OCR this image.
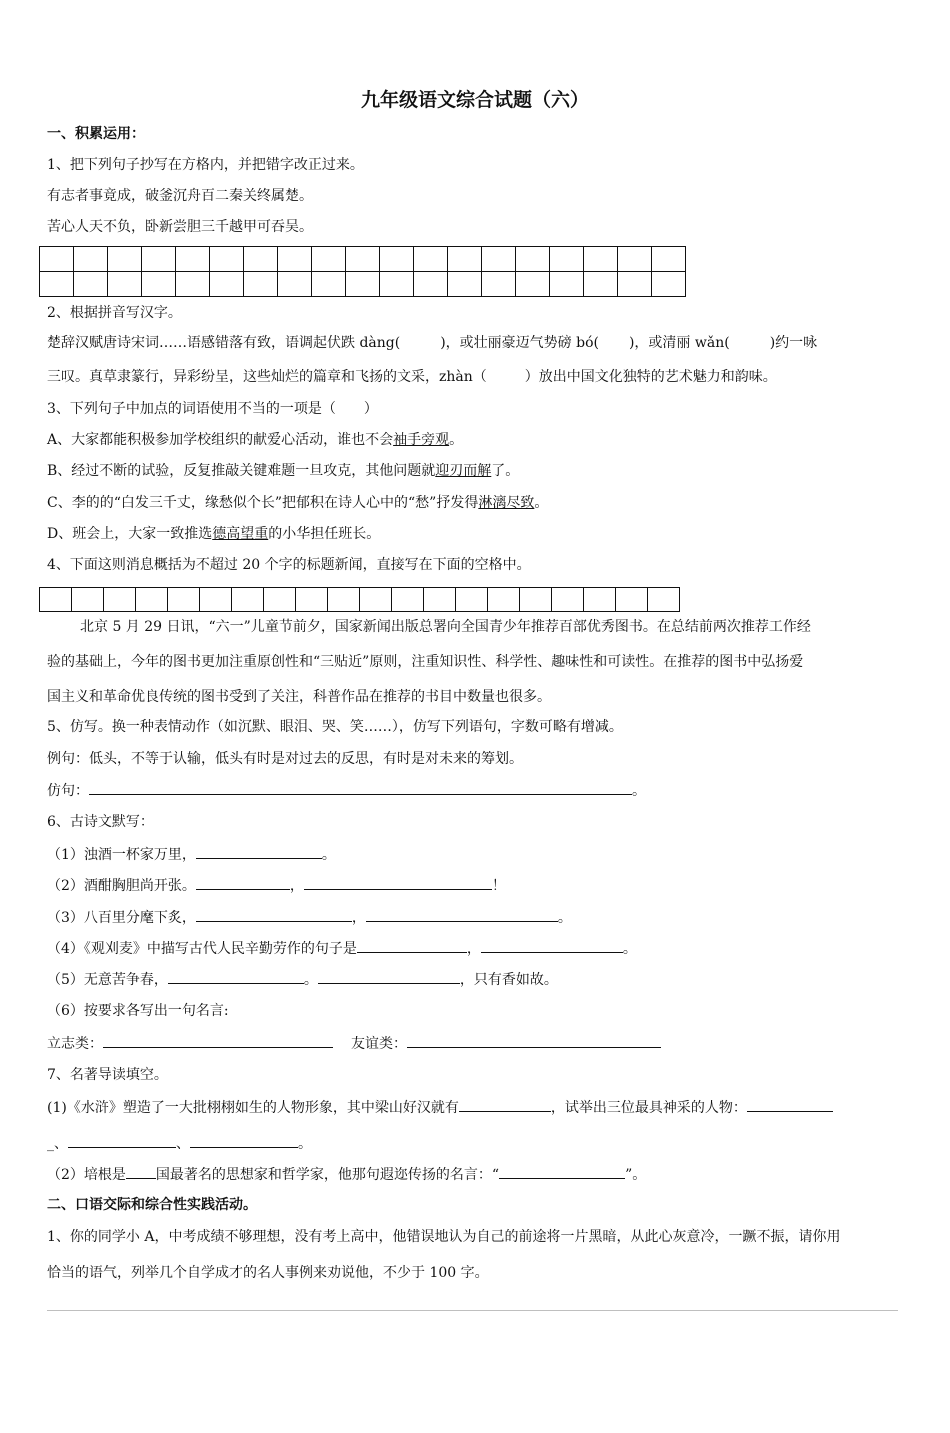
九年级语文综合试题（六）
一、积累运用：
1、把下列句子抄写在方格内，并把错字改正过来。
有志者事竟成，破釜沉舟百二秦关终属楚。
苦心人天不负，卧新尝胆三千越甲可吞吴。

2、根据拼音写汉字。
楚辞汉赋唐诗宋词……语感错落有致，语调起伏跌 dàng(	)，或壮丽豪迈气势磅 bó( )，或清丽 wǎn(	)约一咏
三叹。真草隶篆行，异彩纷呈，这些灿烂的篇章和飞扬的文采，zhàn（	）放出中国文化独特的艺术魅力和韵味。
3、下列句子中加点的词语使用不当的一项是（　　）
A、大家都能积极参加学校组织的献爱心活动，谁也不会袖手旁观。
B、经过不断的试验，反复推敲关键难题一旦攻克，其他问题就迎刃而解了。
C、李的的“白发三千丈，缘愁似个长”把郁积在诗人心中的“愁”抒发得淋漓尽致。
D、班会上，大家一致推选德高望重的小华担任班长。
4、下面这则消息概括为不超过 20 个字的标题新闻，直接写在下面的空格中。

北京 5 月 29 日讯，“六一”儿童节前夕，国家新闻出版总署向全国青少年推荐百部优秀图书。在总结前两次推荐工作经
验的基础上，今年的图书更加注重原创性和“三贴近”原则，注重知识性、科学性、趣味性和可读性。在推荐的图书中弘扬爱
国主义和革命优良传统的图书受到了关注，科普作品在推荐的书目中数量也很多。
5、仿写。换一种表情动作（如沉默、眼泪、哭、笑……），仿写下列语句，字数可略有增减。
例句：低头，不等于认输，低头有时是对过去的反思，有时是对未来的筹划。
仿句：	。
6、古诗文默写：
（1）浊酒一杯家万里，	。
（2）酒酣胸胆尚开张。	，	！
（3）八百里分麾下炙，	，	。
（4）《观刈麦》中描写古代人民辛勤劳作的句子是	，	。
（5）无意苦争春，	。	，只有香如故。
（6）按要求各写出一句名言:
立志类：	友谊类：
7、名著导读填空。
(1)《水浒》塑造了一大批栩栩如生的人物形象，其中梁山好汉就有	，试举出三位最具神采的人物：
_、	、	。
（2）培根是 国最著名的思想家和哲学家，他那句遐迩传扬的名言：“	”。
二、口语交际和综合性实践活动。
1、你的同学小 A，中考成绩不够理想，没有考上高中，他错误地认为自己的前途将一片黑暗，从此心灰意冷，一蹶不振，请你用
恰当的语气，列举几个自学成才的名人事例来劝说他，不少于 100 字。
